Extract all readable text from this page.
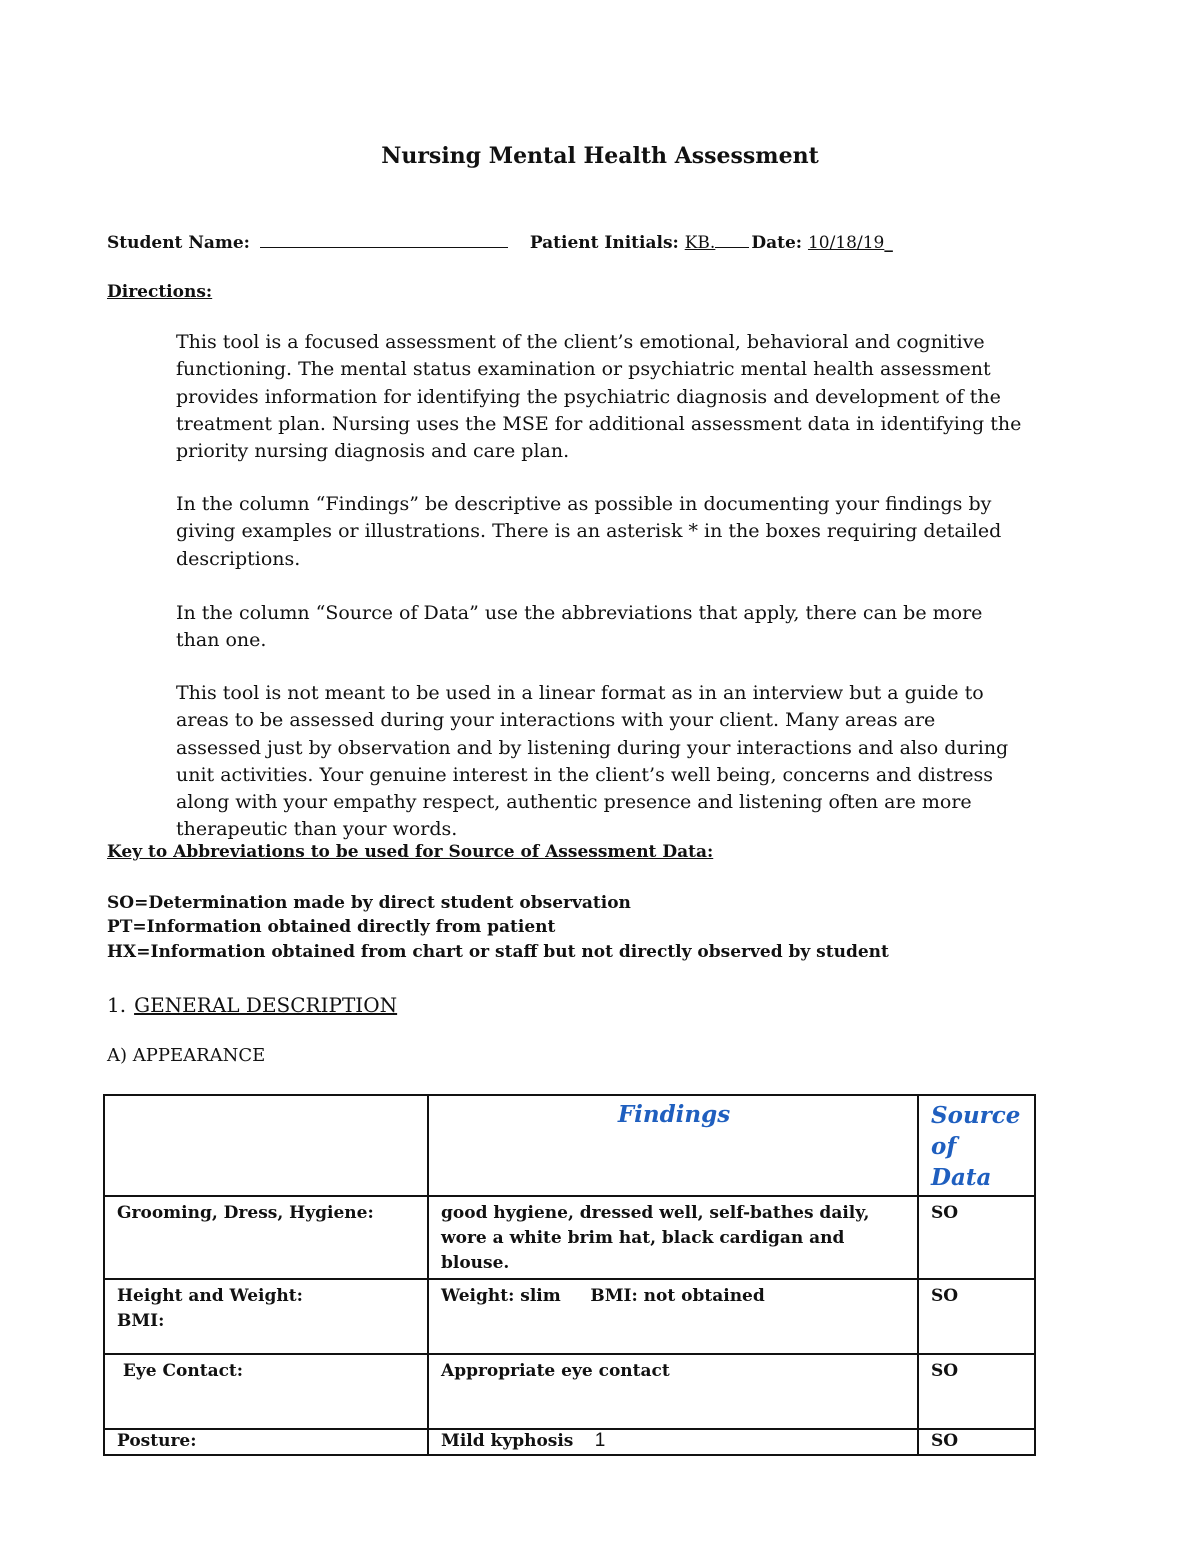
Nursing Mental Health Assessment
Student Name:	Patient Initials: KB. Date: 10/18/19_
Directions:
This tool is a focused assessment of the client’s emotional, behavioral and cognitive functioning. The mental status examination or psychiatric mental health assessment provides information for identifying the psychiatric diagnosis and development of the treatment plan. Nursing uses the MSE for additional assessment data in identifying the priority nursing diagnosis and care plan.
In the column “Findings” be descriptive as possible in documenting your findings by giving examples or illustrations. There is an asterisk * in the boxes requiring detailed descriptions.
In the column “Source of Data” use the abbreviations that apply, there can be more than one.
This tool is not meant to be used in a linear format as in an interview but a guide to areas to be assessed during your interactions with your client. Many areas are assessed just by observation and by listening during your interactions and also during unit activities. Your genuine interest in the client’s well being, concerns and distress along with your empathy respect, authentic presence and listening often are more therapeutic than your words.
Key to Abbreviations to be used for Source of Assessment Data:
SO=Determination made by direct student observation
PT=Information obtained directly from patient
HX=Information obtained from chart or staff but not directly observed by student
1. GENERAL DESCRIPTION
A) APPEARANCE
	Findings	Source
of Data

Grooming, Dress, Hygiene:	good hygiene, dressed well, self-bathes daily, wore a white brim hat, black cardigan and blouse.	SO

Height and Weight:
BMI:	Weight: slim     BMI: not obtained	SO
Eye Contact:	Appropriate eye contact	SO
Posture:	Mild kyphosis	SO
1
